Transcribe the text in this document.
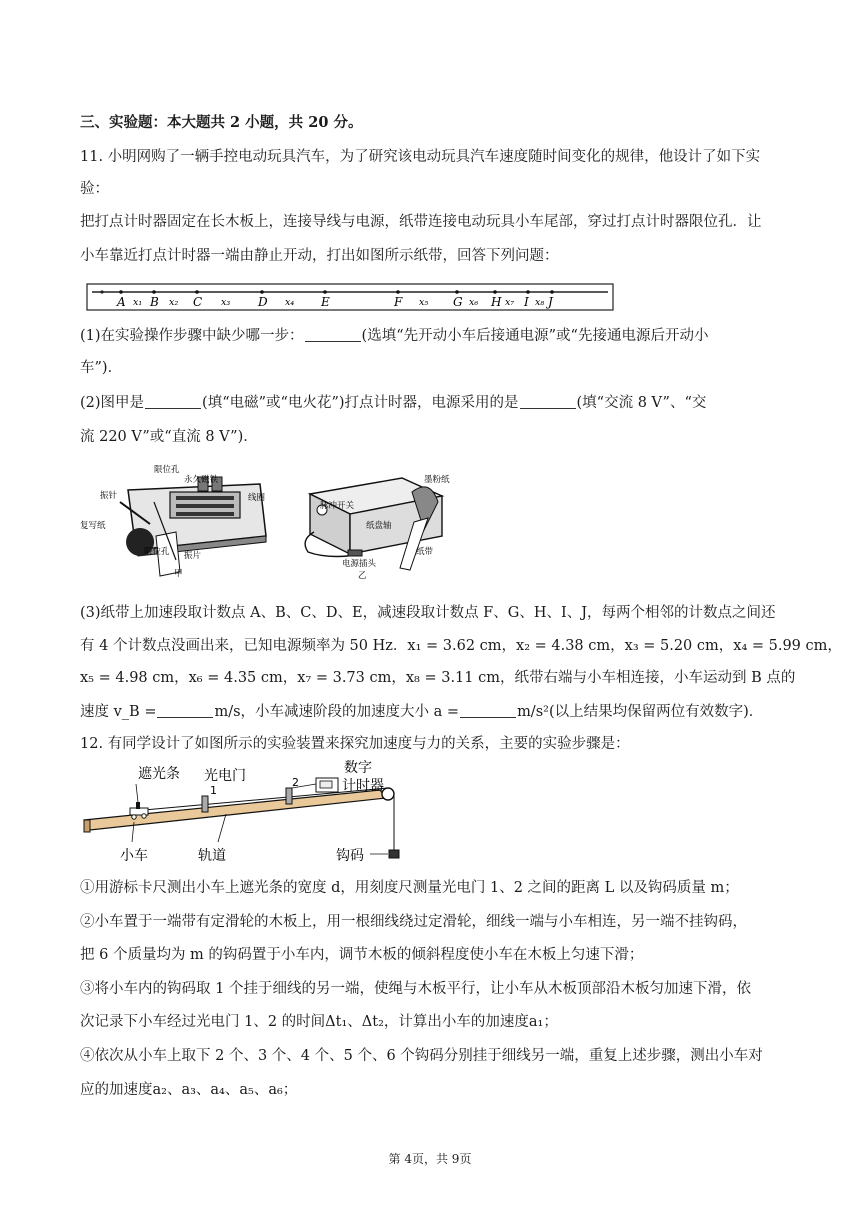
三、实验题：本大题共 2 小题，共 20 分。
11. 小明网购了一辆手控电动玩具汽车，为了研究该电动玩具汽车速度随时间变化的规律，他设计了如下实
验：
把打点计时器固定在长木板上，连接导线与电源，纸带连接电动玩具小车尾部，穿过打点计时器限位孔．让
小车靠近打点计时器一端由静止开动，打出如图所示纸带，回答下列问题：
A B	C	D	E	F	G H I J
x₁	x₂	x₃	x₄	x₅	x₆	x₇ x₈
(1)在实验操作步骤中缺少哪一步：	(选填“先开动小车后接通电源”或“先接通电源后开动小
车”)．
(2)图甲是	(填“电磁”或“电火花”)打点计时器，电源采用的是	(填“交流 8 V”、“交
流 220 V”或“直流 8 V”)．
振针
限位孔
永久磁铁
线圈
复写纸
限位孔 振片
甲
墨粉纸
脉冲开关
纸盘轴
纸带
电源插头
乙
(3)纸带上加速段取计数点 A、B、C、D、E，减速段取计数点 F、G、H、I、J，每两个相邻的计数点之间还
有 4 个计数点没画出来，已知电源频率为 50 Hz．x₁ = 3.62 cm，x₂ = 4.38 cm，x₃ = 5.20 cm，x₄ = 5.99 cm，
x₅ = 4.98 cm，x₆ = 4.35 cm，x₇ = 3.73 cm，x₈ = 3.11 cm，纸带右端与小车相连接，小车运动到 B 点的
速度 v_B =	m/s，小车减速阶段的加速度大小 a =	m/s²(以上结果均保留两位有效数字)．
12. 有同学设计了如图所示的实验装置来探究加速度与力的关系，主要的实验步骤是：
遮光条 光电门
1
2
数字
计时器
小车	轨道	钩码
①用游标卡尺测出小车上遮光条的宽度 d，用刻度尺测量光电门 1、2 之间的距离 L 以及钩码质量 m；
②小车置于一端带有定滑轮的木板上，用一根细线绕过定滑轮，细线一端与小车相连，另一端不挂钩码，
把 6 个质量均为 m 的钩码置于小车内，调节木板的倾斜程度使小车在木板上匀速下滑；
③将小车内的钩码取 1 个挂于细线的另一端，使绳与木板平行，让小车从木板顶部沿木板匀加速下滑，依
次记录下小车经过光电门 1、2 的时间Δt₁、Δt₂，计算出小车的加速度a₁；
④依次从小车上取下 2 个、3 个、4 个、5 个、6 个钩码分别挂于细线另一端，重复上述步骤，测出小车对
应的加速度a₂、a₃、a₄、a₅、a₆；
第 4页，共 9页
